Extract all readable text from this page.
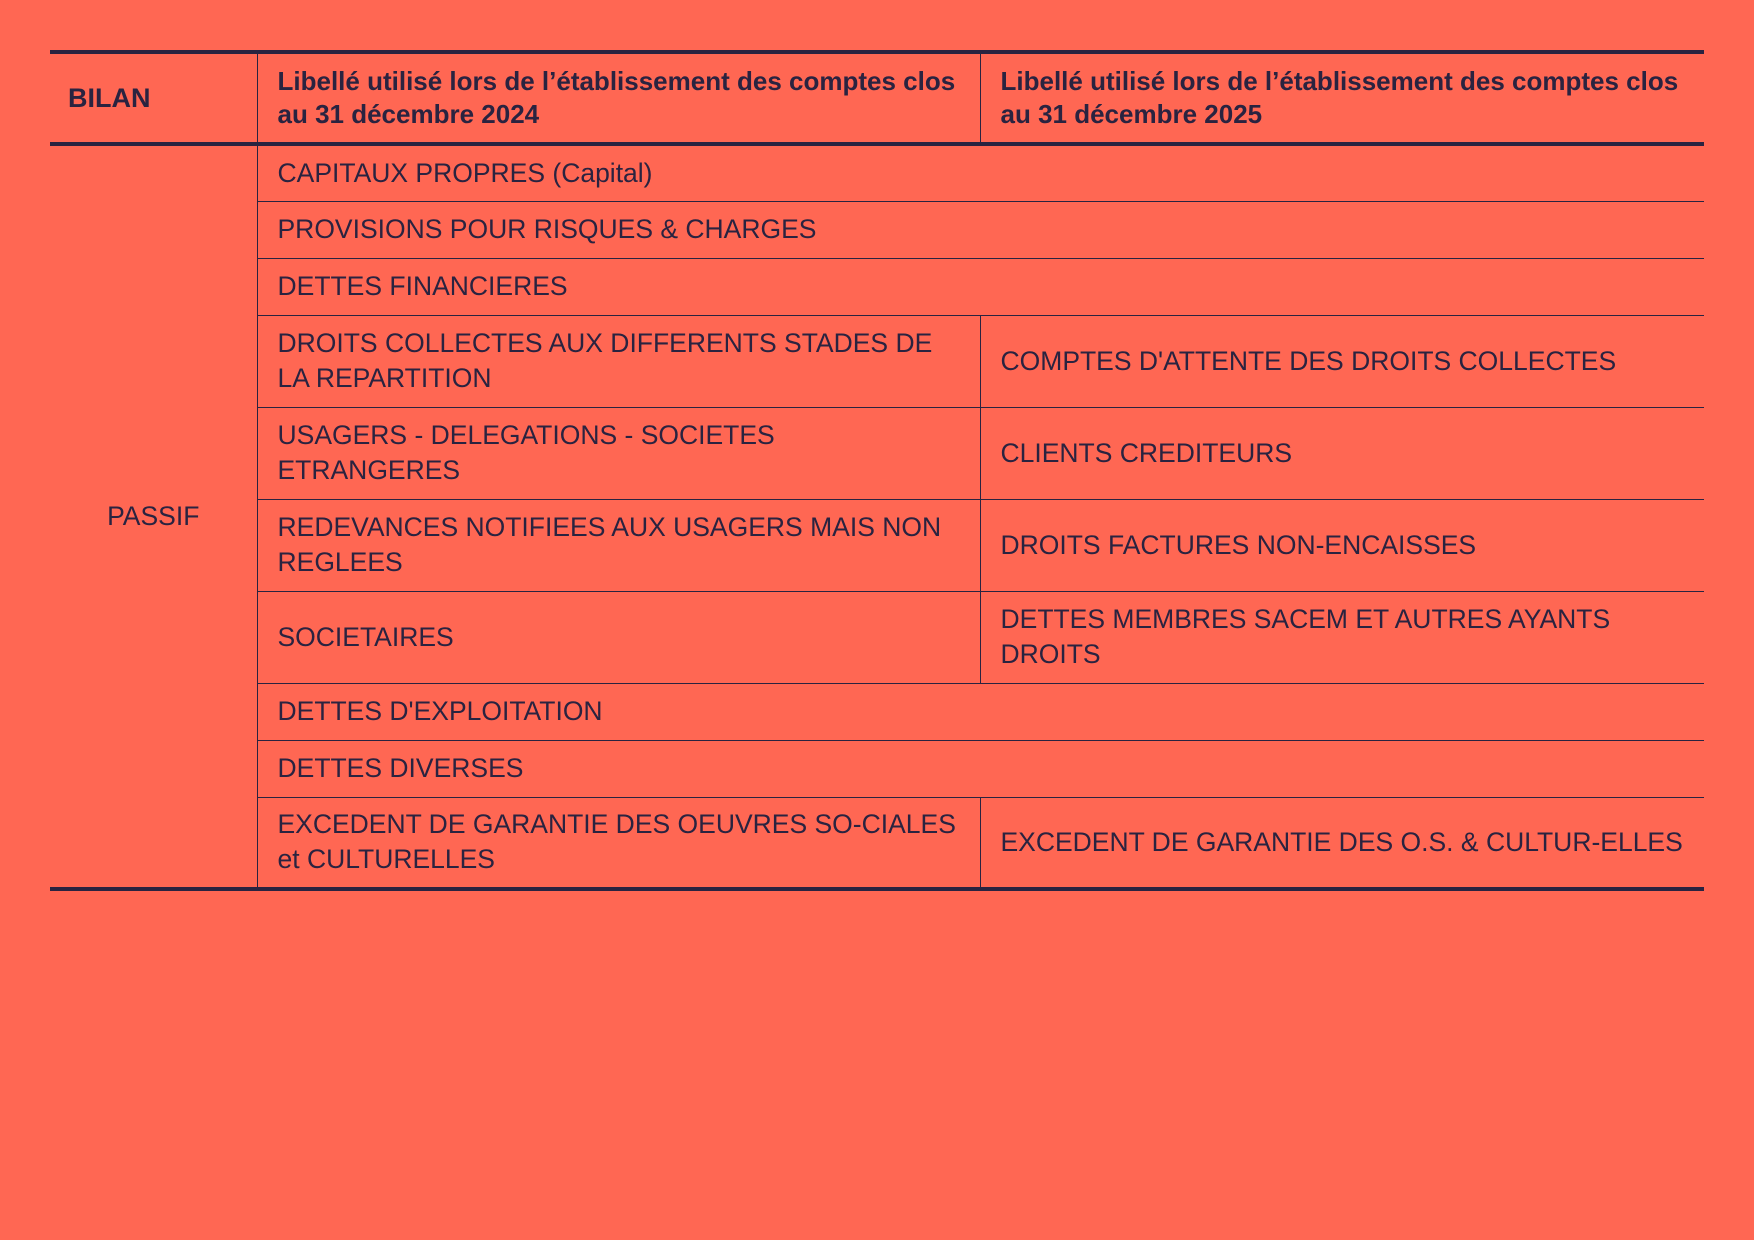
BILAN	Libellé utilisé lors de l’établissement des comptes clos au 31 décembre 2024	Libellé utilisé lors de l’établissement des comptes clos au 31 décembre 2025
PASSIF	CAPITAUX PROPRES (Capital)	
	PROVISIONS POUR RISQUES & CHARGES	
	DETTES FINANCIERES	
	DROITS COLLECTES AUX DIFFERENTS STADES DE LA REPARTITION	COMPTES D'ATTENTE DES DROITS COLLECTES
	USAGERS - DELEGATIONS - SOCIETES ETRANGERES	CLIENTS CREDITEURS
	REDEVANCES NOTIFIEES AUX USAGERS MAIS NON REGLEES	DROITS FACTURES NON-ENCAISSES
	SOCIETAIRES	DETTES MEMBRES SACEM ET AUTRES AYANTS DROITS
	DETTES D'EXPLOITATION	
	DETTES DIVERSES	
	EXCEDENT DE GARANTIE DES OEUVRES SO-CIALES et CULTURELLES	EXCEDENT DE GARANTIE DES O.S. & CULTUR-ELLES
